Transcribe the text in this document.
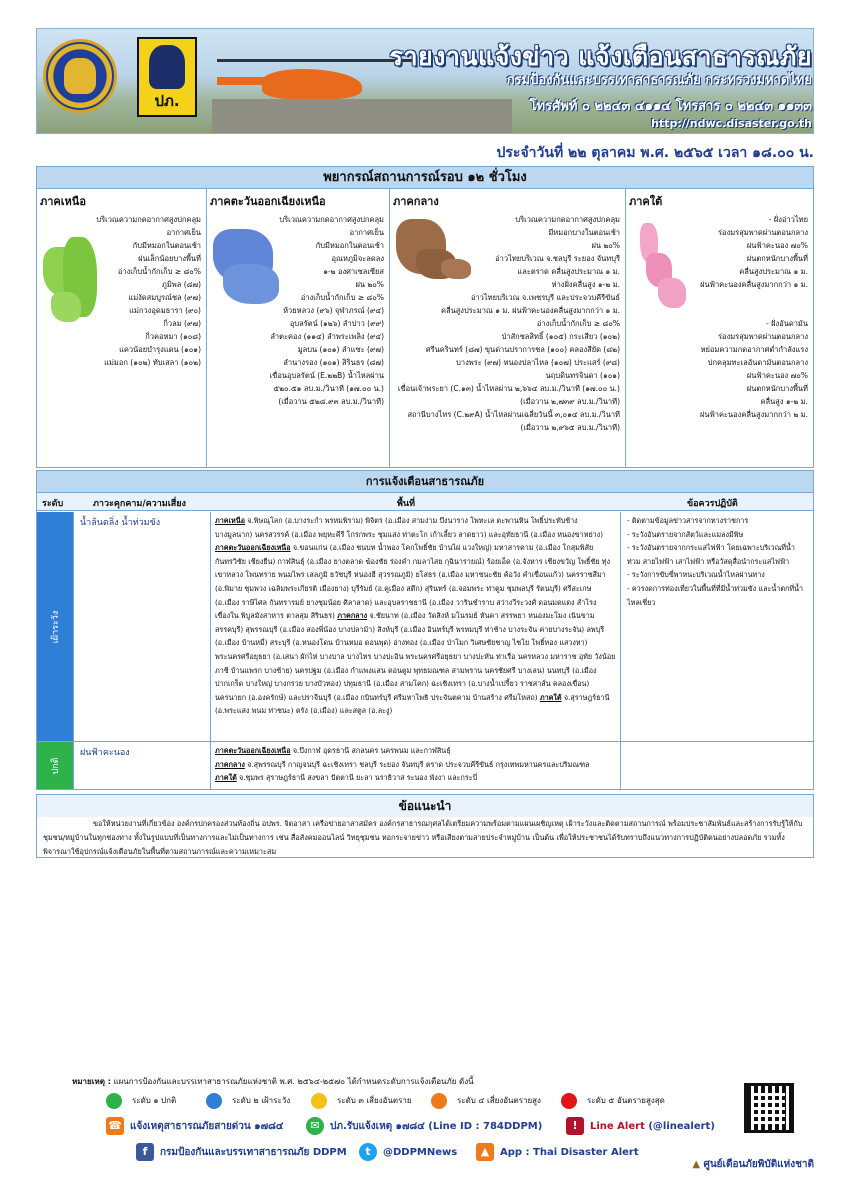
ปภ.
รายงานแจ้งข่าว แจ้งเตือนสาธารณภัย
กรมป้องกันและบรรเทาสาธารณภัย กระทรวงมหาดไทย
โทรศัพท์ ๐ ๒๒๔๓ ๔๑๑๔ โทรสาร ๐ ๒๒๔๓ ๑๑๓๓
http://ndwc.disaster.go.th
ประจำวันที่ ๒๒ ตุลาคม พ.ศ. ๒๕๖๕ เวลา ๑๘.๐๐ น.
พยากรณ์สถานการณ์รอบ ๑๒ ชั่วโมง
ภาคเหนือ
บริเวณความกดอากาศสูงปกคลุม
อากาศเย็น
กับมีหมอกในตอนเช้า
ฝนเล็กน้อยบางพื้นที่
อ่างเก็บน้ำกักเก็บ ≥ ๘๐%
ภูมิพล (๘๗)
แม่งัดสมบูรณ์ชล (๙๗)
แม่กวงอุดมธารา (๙๐)
กิ่วลม (๙๗)
กิ่วคอหมา (๑๐๘)
แควน้อยบำรุงแดน (๑๐๑)
แม่มอก (๑๐๒) ทับเสลา (๑๐๒)
ภาคตะวันออกเฉียงเหนือ
บริเวณความกดอากาศสูงปกคลุม
อากาศเย็น
กับมีหมอกในตอนเช้า
อุณหภูมิจะลดลง
๑-๒ องศาเซลเซียส
ฝน ๒๐%
อ่างเก็บน้ำกักเก็บ ≥ ๘๐%
ห้วยหลวง (๙๖) จุฬาภรณ์ (๙๔)
อุบลรัตน์ (๑๒๖) ลำปาว (๙๙)
ลำตะคอง (๑๑๔) ลำพระเพลิง (๙๔)
มูลบน (๑๐๑) ลำแซะ (๙๗)
ลำนางรอง (๑๐๑) สิรินธร (๘๗)
เขื่อนอุบลรัตน์ (E.๒๒B) น้ำไหลผ่าน
๕๒๐.๕๑ ลบ.ม./วินาที (๑๗.๐๐ น.)
(เมื่อวาน ๕๒๘.๙๓ ลบ.ม./วินาที)
ภาคกลาง
บริเวณความกดอากาศสูงปกคลุม
มีหมอกบางในตอนเช้า
ฝน ๒๐%
อ่าวไทยบริเวณ จ.ชลบุรี ระยอง จันทบุรี
และตราด คลื่นสูงประมาณ ๑ ม.
ห่างฝั่งคลื่นสูง ๑-๒ ม.
อ่าวไทยบริเวณ จ.เพชรบุรี และประจวบคีรีขันธ์
คลื่นสูงประมาณ ๑ ม. ฝนฟ้าคะนองคลื่นสูงมากกว่า ๑ ม.
อ่างเก็บน้ำกักเก็บ ≥ ๘๐%
ป่าสักชลสิทธิ์ (๑๐๕) กระเสียว (๑๐๒)
ศรีนครินทร์ (๘๗) ขุนด่านปราการชล (๑๐๐) คลองสียัด (๘๒)
บางพระ (๙๗) หนองปลาไหล (๑๐๗) ประแสร์ (๙๘)
นฤบดินทรจินดา (๑๐๑)
เขื่อนเจ้าพระยา (C.๑๓) น้ำไหลผ่าน ๒,๖๖๔ ลบ.ม./วินาที (๑๗.๐๐ น.)
(เมื่อวาน ๒,๗๓๙ ลบ.ม./วินาที)
สถานีบางไทร (C.๒๙A) น้ำไหลผ่านเฉลี่ยวันนี้ ๓,๐๑๔ ลบ.ม./วินาที
(เมื่อวาน ๒,๙๖๕ ลบ.ม./วินาที)
ภาคใต้
- ฝั่งอ่าวไทย
ร่องมรสุมพาดผ่านตอนกลาง
ฝนฟ้าคะนอง ๗๐%
ฝนตกหนักบางพื้นที่
คลื่นสูงประมาณ ๑ ม.
ฝนฟ้าคะนองคลื่นสูงมากกว่า ๑ ม.

- ฝั่งอันดามัน
ร่องมรสุมพาดผ่านตอนกลาง
หย่อมความกดอากาศต่ำกำลังแรง
ปกคลุมทะเลอันดามันตอนกลาง
ฝนฟ้าคะนอง ๗๐%
ฝนตกหนักบางพื้นที่
คลื่นสูง ๑-๒ ม.
ฝนฟ้าคะนองคลื่นสูงมากกว่า ๒ ม.
การแจ้งเตือนสาธารณภัย
ระดับ	ภาวะคุกคาม/ความเสี่ยง	พื้นที่	ข้อควรปฏิบัติ
เฝ้าระวัง
น้ำล้นตลิ่ง น้ำท่วมขัง	ภาคเหนือ จ.พิษณุโลก (อ.บางระกำ พรหมพิราม) พิจิตร (อ.เมือง สามง่าม บึงนาราง โพทะเล ตะพานหิน โพธิ์ประทับช้าง บางมูลนาก) นครสวรรค์ (อ.เมือง พยุหะคีรี โกรกพระ ชุมแสง ท่าตะโก เก้าเลี้ยว ลาดยาว) และอุทัยธานี (อ.เมือง หนองขาหย่าง) ภาคตะวันออกเฉียงเหนือ จ.ขอนแก่น (อ.เมือง ชนบท น้ำพอง โคกโพธิ์ชัย บ้านไผ่ แวงใหญ่) มหาสารคาม (อ.เมือง โกสุมพิสัย กันทรวิชัย เชียงยืน) กาฬสินธุ์ (อ.เมือง ยางตลาด ฆ้องชัย ร่องคำ กมลาไสย กุฉินารายณ์) ร้อยเอ็ด (อ.จังหาร เชียงขวัญ โพธิ์ชัย ทุ่งเขาหลวง โพนทราย พนมไพร เสลภูมิ ธวัชบุรี หนองฮี สุวรรณภูมิ) ยโสธร (อ.เมือง มหาชนะชัย ค้อวัง คำเขื่อนแก้ว) นครราชสีมา (อ.พิมาย ชุมพวง เฉลิมพระเกียรติ เมืองยาง) บุรีรัมย์ (อ.คูเมือง สตึก) สุรินทร์ (อ.จอมพระ ท่าตูม ชุมพลบุรี รัตนบุรี) ศรีสะเกษ (อ.เมือง ราษีไศล กันทรารมย์ ยางชุมน้อย ศิลาลาด) และอุบลราชธานี (อ.เมือง วารินชำราบ สว่างวีระวงศ์ ดอนมดแดง สำโรง เขื่องใน พิบูลมังสาหาร ตาลสุม สิรินธร) ภาคกลาง จ.ชัยนาท (อ.เมือง วัดสิงห์ มโนรมย์ หันคา สรรพยา หนองมะโมง เนินขาม สรรคบุรี) สุพรรณบุรี (อ.เมือง สองพี่น้อง บางปลาม้า) สิงห์บุรี (อ.เมือง อินทร์บุรี พรหมบุรี ท่าช้าง บางระจัน ค่ายบางระจัน) ลพบุรี (อ.เมือง บ้านหมี่) สระบุรี (อ.หนองโดน บ้านหมอ ดอนพุด) อ่างทอง (อ.เมือง ป่าโมก วิเศษชัยชาญ ไชโย โพธิ์ทอง แสวงหา) พระนครศรีอยุธยา (อ.เสนา ผักไห่ บางบาล บางไทร บางปะอิน พระนครศรีอยุธยา บางปะหัน ท่าเรือ นครหลวง มหาราช อุทัย วังน้อย ภาชี บ้านแพรก บางซ้าย) นครปฐม (อ.เมือง กำแพงแสน ดอนตูม พุทธมณฑล สามพราน นครชัยศรี บางเลน) นนทบุรี (อ.เมือง ปากเกร็ด บางใหญ่ บางกรวย บางบัวทอง) ปทุมธานี (อ.เมือง สามโคก) ฉะเชิงเทรา (อ.บางน้ำเปรี้ยว ราชสาส์น คลองเขื่อน) นครนายก (อ.องครักษ์) และปราจีนบุรี (อ.เมือง กบินทร์บุรี ศรีมหาโพธิ ประจันตคาม บ้านสร้าง ศรีมโหสถ) ภาคใต้ จ.สุราษฎร์ธานี (อ.พระแสง พนม ท่าชนะ) ตรัง (อ.เมือง) และสตูล (อ.ละงู)
- ติดตามข้อมูลข่าวสารจากทางราชการ
- ระวังอันตรายจากสัตว์และแมลงมีพิษ
- ระวังอันตรายจากกระแสไฟฟ้า โดยเฉพาะบริเวณที่น้ำท่วม สายไฟฟ้า เสาไฟฟ้า หรือวัสดุสื่อนำกระแสไฟฟ้า
- ระวังการขับขี่พาหนะบริเวณน้ำไหลผ่านทาง
- ควรงดการท่องเที่ยวในพื้นที่ที่มีน้ำท่วมขัง และน้ำตกที่น้ำไหลเชี่ยว
ปกติ
ฝนฟ้าคะนอง	ภาคตะวันออกเฉียงเหนือ จ.บึงกาฬ อุดรธานี สกลนคร นครพนม และกาฬสินธุ์
ภาคกลาง จ.สุพรรณบุรี กาญจนบุรี ฉะเชิงเทรา ชลบุรี ระยอง จันทบุรี ตราด ประจวบคีรีขันธ์ กรุงเทพมหานครและปริมณฑล
ภาคใต้ จ.ชุมพร สุราษฎร์ธานี สงขลา ปัตตานี ยะลา นราธิวาส ระนอง พังงา และกระบี่
ข้อแนะนำ
ขอให้หน่วยงานที่เกี่ยวข้อง องค์กรปกครองส่วนท้องถิ่น อปพร. จิตอาสา เครือข่ายอาสาสมัคร องค์กรสาธารณกุศลได้เตรียมความพร้อมตามแผนเผชิญเหตุ เฝ้าระวังและติดตามสถานการณ์ พร้อมประชาสัมพันธ์และสร้างการรับรู้ให้กับชุมชน/หมู่บ้านในทุกช่องทาง ทั้งในรูปแบบที่เป็นทางการและไม่เป็นทางการ เช่น สื่อสังคมออนไลน์ วิทยุชุมชน หอกระจายข่าว หรือเสียงตามสายประจำหมู่บ้าน เป็นต้น เพื่อให้ประชาชนได้รับทราบถึงแนวทางการปฏิบัติตนอย่างปลอดภัย รวมทั้งพิจารณาใช้อุปกรณ์แจ้งเตือนภัยในพื้นที่ตามสถานการณ์และความเหมาะสม
หมายเหตุ : แผนการป้องกันและบรรเทาสาธารณภัยแห่งชาติ พ.ศ. ๒๕๖๔-๒๕๗๐ ได้กำหนดระดับการแจ้งเตือนภัย ดังนี้
ระดับ ๑ ปกติ	ระดับ ๒ เฝ้าระวัง	ระดับ ๓ เสี่ยงอันตราย	ระดับ ๔ เสี่ยงอันตรายสูง	ระดับ ๕ อันตรายสูงสุด
☎ แจ้งเหตุสาธารณภัยสายด่วน ๑๗๘๔	✉ ปภ.รับแจ้งเหตุ ๑๗๘๔ (Line ID : 784DDPM)	! Line Alert (@linealert)
f กรมป้องกันและบรรเทาสาธารณภัย DDPM	t @DDPMNews	▲ App : Thai Disaster Alert
▲ ศูนย์เตือนภัยพิบัติแห่งชาติ
